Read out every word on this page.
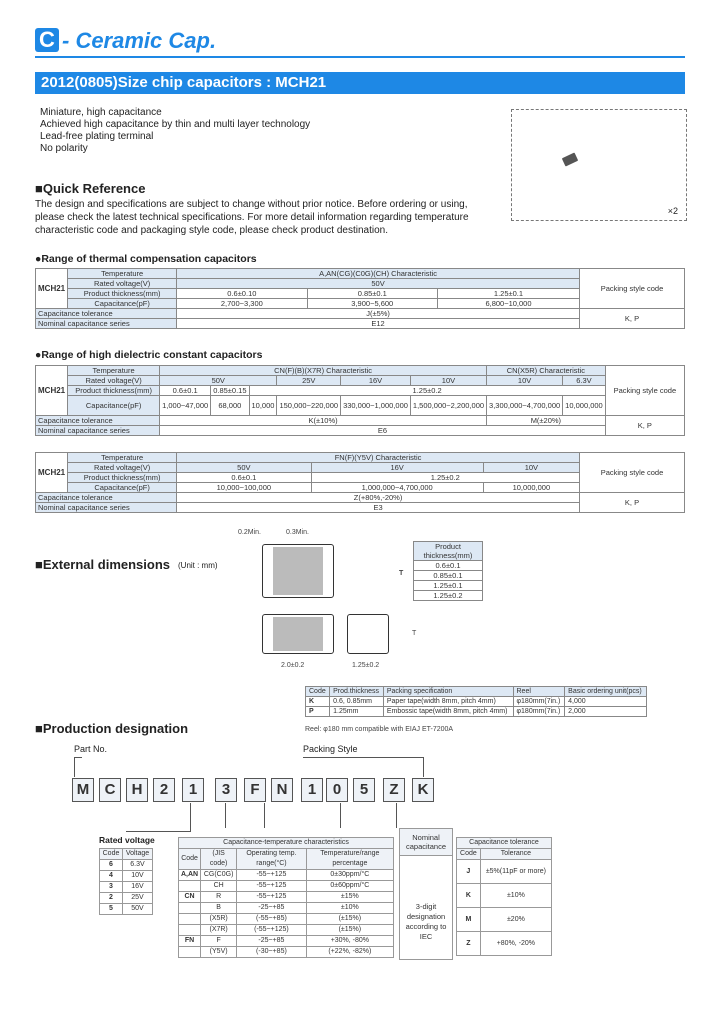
C - Ceramic Cap.
2012(0805)Size chip capacitors : MCH21
Miniature, high capacitance
Achieved high capacitance by thin and multi layer technology
Lead-free plating terminal
No polarity
×2
■Quick Reference
The design and specifications are subject to change without prior notice. Before ordering or using, please check the latest technical specifications. For more detail information regarding temperature characteristic code and packaging style code, please check product destination.
●Range of thermal compensation capacitors
MCH21	Temperature	A,AN(CG)(C0G)(CH) Characteristic			Packing style code
	Rated voltage(V)	50V			
	Product thickness(mm)	0.6±0.10	0.85±0.1	1.25±0.1	
	Capacitance(pF)	2,700~3,300	3,900~5,600	6,800~10,000	
Capacitance tolerance		J(±5%)			K, P
Nominal capacitance series		E12			
●Range of high dielectric constant capacitors
MCH21	Temperature	CN(F)(B)(X7R) Characteristic						CN(X5R) Characteristic		Packing style code
	Rated voltage(V)	50V			25V	16V	10V	10V	6.3V	
	Product thickness(mm)	0.6±0.1	0.85±0.15	1.25±0.2						
	Capacitance(pF)	1,000~47,000	68,000	10,000	150,000~220,000	330,000~1,000,000	1,500,000~2,200,000	3,300,000~4,700,000	10,000,000	
Capacitance tolerance		K(±10%)						M(±20%)		K, P
Nominal capacitance series		E6								
MCH21	Temperature	FN(F)(Y5V) Characteristic			Packing style code
	Rated voltage(V)	50V	16V	10V	
	Product thickness(mm)	0.6±0.1	1.25±0.2		
	Capacitance(pF)	10,000~100,000	1,000,000~4,700,000	10,000,000	
Capacitance tolerance		Z(+80%,-20%)			K, P
Nominal capacitance series		E3			
■External dimensions (Unit : mm)
0.2Min.	0.3Min.
T
2.0±0.2	1.25±0.2
T
Product thickness(mm)
0.6±0.1
0.85±0.1
1.25±0.1
1.25±0.2
Code	Prod.thickness	Packing specification	Reel	Basic ordering unit(pcs)
K	0.6, 0.85mm	Paper tape(width 8mm, pitch 4mm)	φ180mm(7in.)	4,000
P	1.25mm	Embossic tape(width 8mm, pitch 4mm)	φ180mm(7in.)	2,000
Reel: φ180 mm compatible with EIAJ ET-7200A
■Production designation
Part No.	Packing Style
M	C	H	2	1	3	F	N	1	0	5	Z	K
Rated voltage
Code	Voltage
6	6.3V
4	10V
3	16V
2	25V
5	50V
Capacitance-temperature characteristics			
Code	(JIS code)	Operating temp. range(°C)	Temperature/range percentage
A,AN	CG(C0G)	-55~+125	0±30ppm/°C
	CH	-55~+125	0±60ppm/°C
CN	R	-55~+125	±15%
	B	-25~+85	±10%
	(X5R)	(-55~+85)	(±15%)
	(X7R)	(-55~+125)	(±15%)
FN	F	-25~+85	+30%, -80%
	(Y5V)	(-30~+85)	(+22%, -82%)
Nominal capacitance
3-digit designation according to IEC
Capacitance tolerance	
Code	Tolerance
J	±5%(11pF or more)
K	±10%
M	±20%
Z	+80%, -20%
